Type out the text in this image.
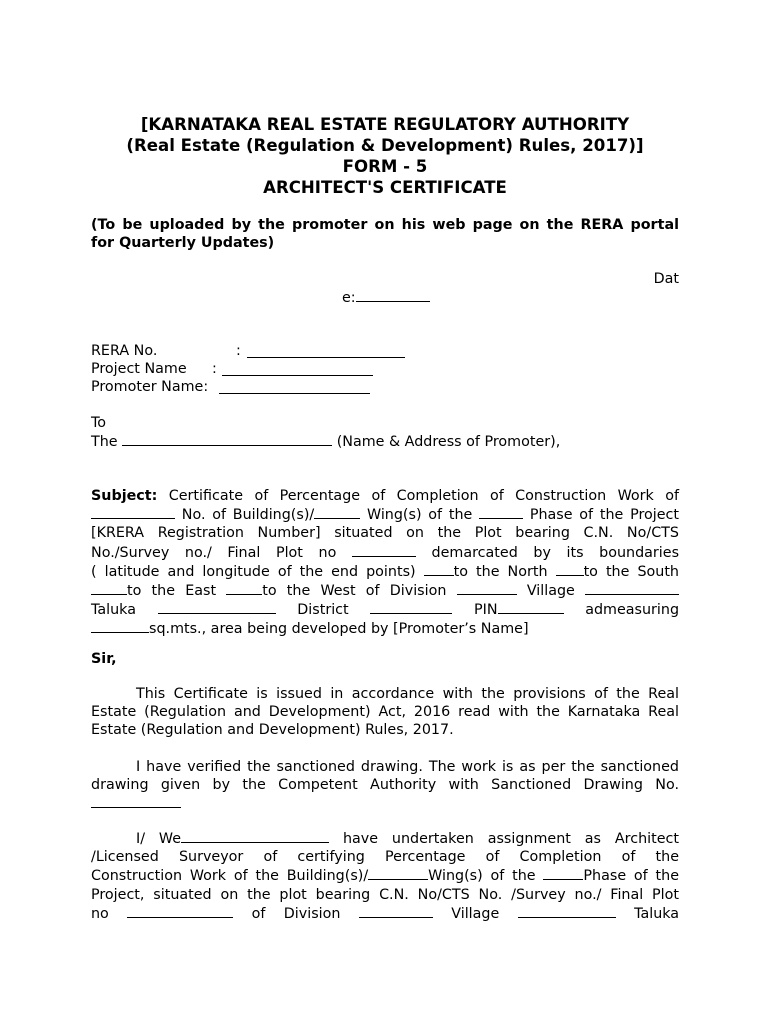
[KARNATAKA REAL ESTATE REGULATORY AUTHORITY
(Real Estate (Regulation & Development) Rules, 2017)]
FORM - 5
ARCHITECT'S CERTIFICATE
(To be uploaded by the promoter on his web page on the RERA portal for Quarterly Updates)
Dat
e:
RERA No.	:
Project Name :
Promoter Name:
To
The	(Name & Address of Promoter),
Subject: Certificate of Percentage of Completion of Construction Work of
No. of Building(s)/	Wing(s) of the	Phase of the Project
[KRERA Registration Number] situated on the Plot bearing C.N. No/CTS
No./Survey no./ Final Plot no	demarcated by its boundaries
( latitude and longitude of the end points)	to the North	to the South
to the East	to the West of Division	Village
Taluka	District	PIN	admeasuring
sq.mts., area being developed by [Promoter’s Name]
Sir,
This Certificate is issued in accordance with the provisions of the Real Estate (Regulation and Development) Act, 2016 read with the Karnataka Real Estate (Regulation and Development) Rules, 2017.
I have verified the sanctioned drawing. The work is as per the sanctioned drawing given by the Competent Authority with Sanctioned Drawing No.
I/ We	have undertaken assignment as Architect
/Licensed Surveyor of certifying Percentage of Completion of the
Construction Work of the Building(s)/	Wing(s) of the	Phase of the
Project, situated on the plot bearing C.N. No/CTS No. /Survey no./ Final Plot
no	of Division	Village	Taluka
